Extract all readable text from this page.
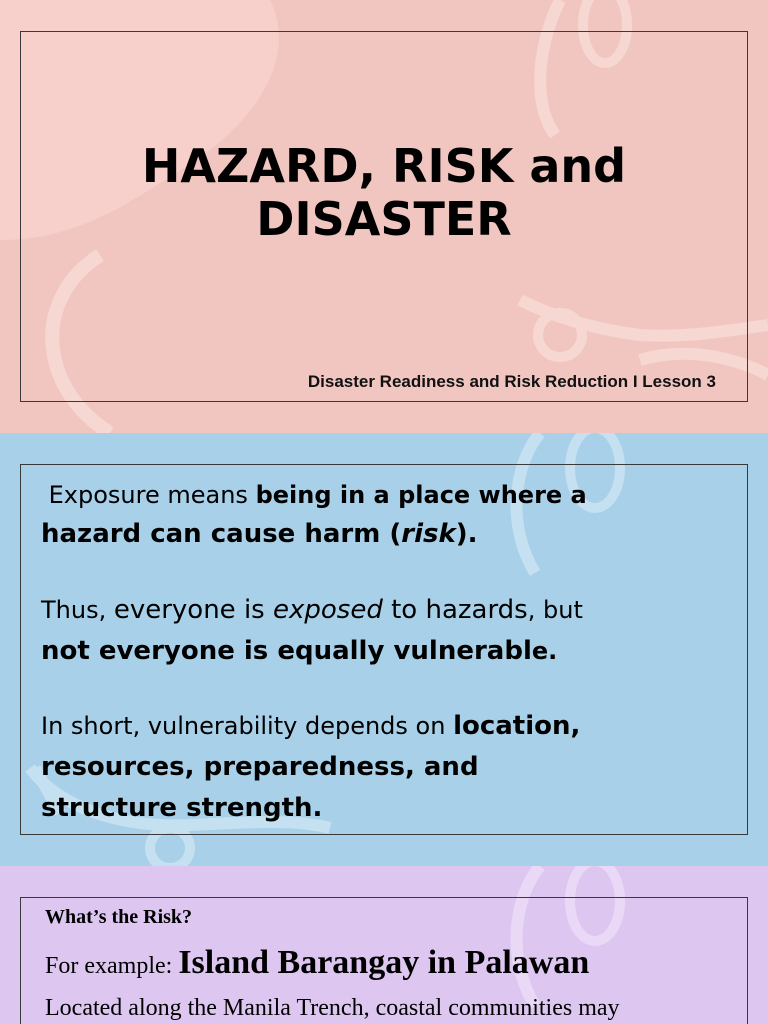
HAZARD, RISK and
DISASTER
Disaster Readiness and Risk Reduction I Lesson 3

Exposure means being in a place where a
hazard can cause harm (risk).

Thus, everyone is exposed to hazards, but
not everyone is equally vulnerable.

In short, vulnerability depends on location,
resources, preparedness, and
structure strength.

What’s the Risk?

For example: Island Barangay in Palawan

Located along the Manila Trench, coastal communities may
